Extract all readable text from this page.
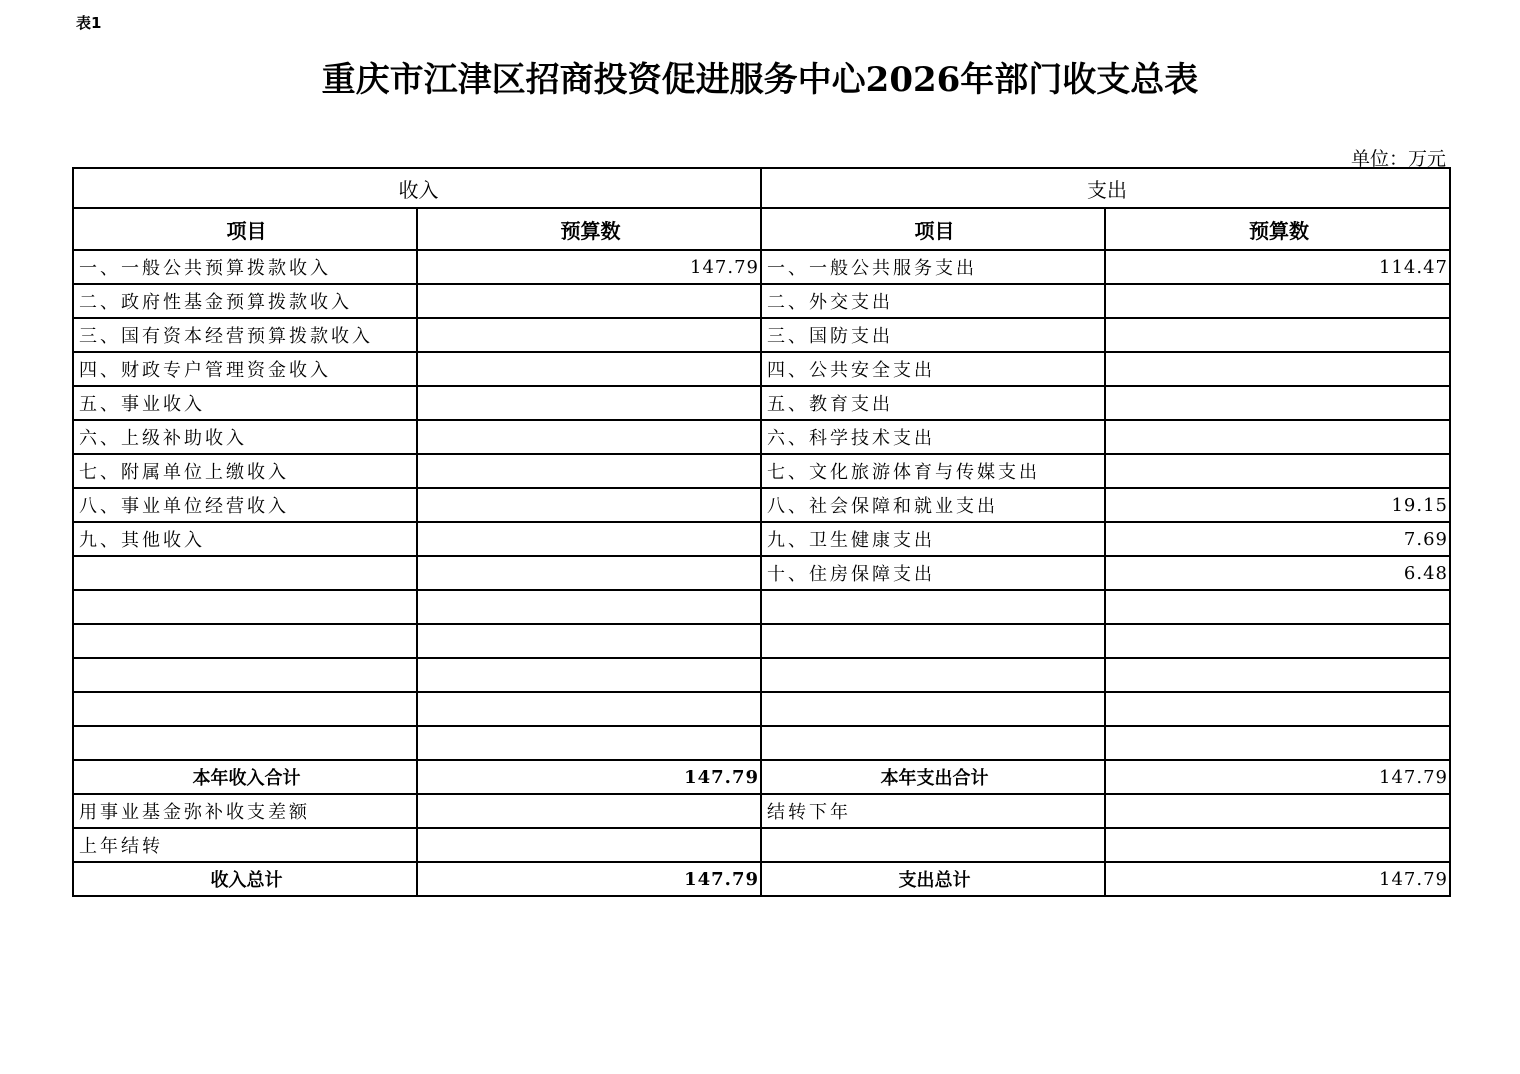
表1
重庆市江津区招商投资促进服务中心2026年部门收支总表
单位：万元
收入		支出	
项目	预算数	项目	预算数
一、一般公共预算拨款收入	147.79	一、一般公共服务支出	114.47
二、政府性基金预算拨款收入		二、外交支出	
三、国有资本经营预算拨款收入		三、国防支出	
四、财政专户管理资金收入		四、公共安全支出	
五、事业收入		五、教育支出	
六、上级补助收入		六、科学技术支出	
七、附属单位上缴收入		七、文化旅游体育与传媒支出	
八、事业单位经营收入		八、社会保障和就业支出	19.15
九、其他收入		九、卫生健康支出	7.69
		十、住房保障支出	6.48

本年收入合计	147.79	本年支出合计	147.79
用事业基金弥补收支差额		结转下年	
上年结转			
收入总计	147.79	支出总计	147.79
